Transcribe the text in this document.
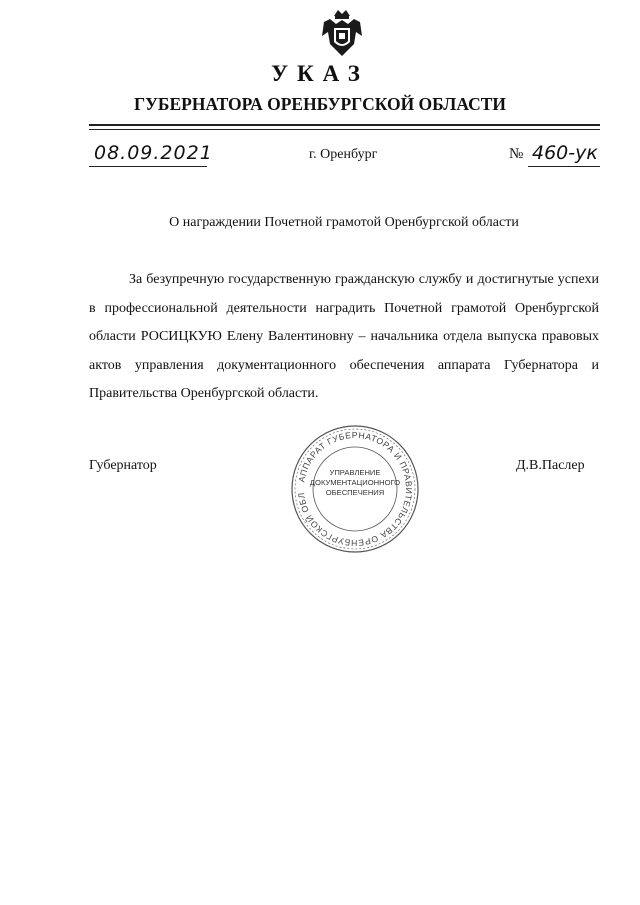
УКАЗ
ГУБЕРНАТОРА ОРЕНБУРГСКОЙ ОБЛАСТИ
08.09.2021	г. Оренбург	№ 460-ук
О награждении Почетной грамотой Оренбургской области
За безупречную государственную гражданскую службу и достигнутые успехи в профессиональной деятельности наградить Почетной грамотой Оренбургской области РОСИЦКУЮ Елену Валентиновну – начальника отдела выпуска правовых актов управления документационного обеспечения аппарата Губернатора и Правительства Оренбургской области.
Губернатор
АППАРАТ ГУБЕРНАТОРА И ПРАВИТЕЛЬСТВА ОРЕНБУРГСКОЙ ОБЛ
УПРАВЛЕНИЕ
ДОКУМЕНТАЦИОННОГО
ОБЕСПЕЧЕНИЯ
Д.В.Паслер
